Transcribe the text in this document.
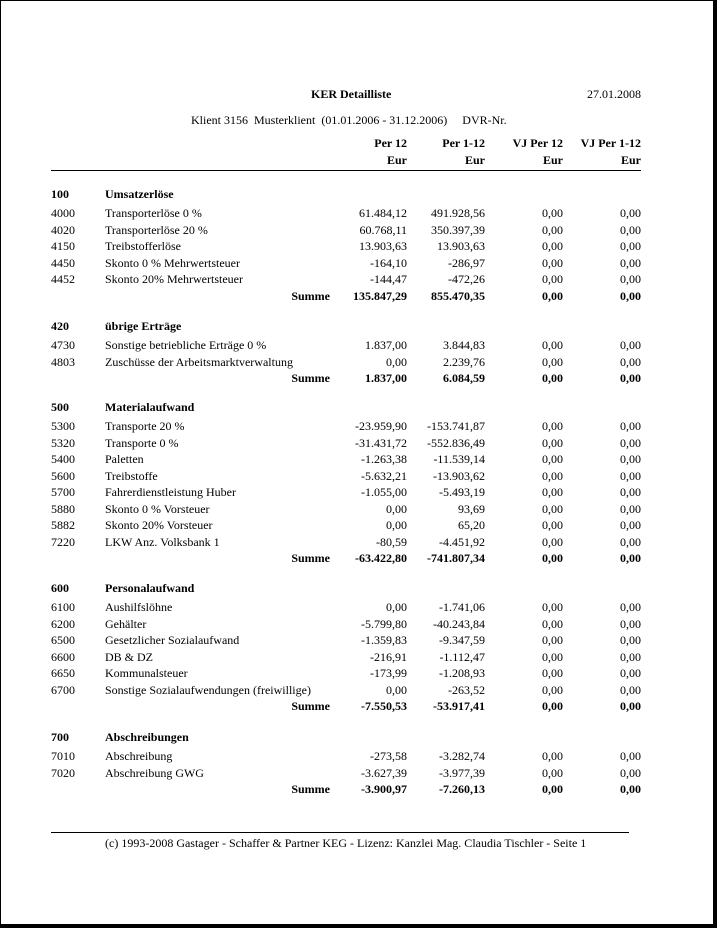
KER Detailliste	27.01.2008
Klient 3156  Musterklient  (01.01.2006 - 31.12.2006)     DVR-Nr.
Per 12	Per 1-12	VJ Per 12	VJ Per 1-12
Eur	Eur	Eur	Eur
100	Umsatzerlöse
4000	Transporterlöse 0 %	61.484,12	491.928,56	0,00	0,00
4020	Transporterlöse 20 %	60.768,11	350.397,39	0,00	0,00
4150	Treibstofferlöse	13.903,63	13.903,63	0,00	0,00
4450	Skonto 0 % Mehrwertsteuer	-164,10	-286,97	0,00	0,00
4452	Skonto 20% Mehrwertsteuer	-144,47	-472,26	0,00	0,00
Summe	135.847,29	855.470,35	0,00	0,00
420	übrige Erträge
4730	Sonstige betriebliche Erträge 0 %	1.837,00	3.844,83	0,00	0,00
4803	Zuschüsse der Arbeitsmarktverwaltung	0,00	2.239,76	0,00	0,00
Summe	1.837,00	6.084,59	0,00	0,00
500	Materialaufwand
5300	Transporte 20 %	-23.959,90	-153.741,87	0,00	0,00
5320	Transporte 0 %	-31.431,72	-552.836,49	0,00	0,00
5400	Paletten	-1.263,38	-11.539,14	0,00	0,00
5600	Treibstoffe	-5.632,21	-13.903,62	0,00	0,00
5700	Fahrerdienstleistung Huber	-1.055,00	-5.493,19	0,00	0,00
5880	Skonto 0 % Vorsteuer	0,00	93,69	0,00	0,00
5882	Skonto 20% Vorsteuer	0,00	65,20	0,00	0,00
7220	LKW Anz. Volksbank 1	-80,59	-4.451,92	0,00	0,00
Summe	-63.422,80	-741.807,34	0,00	0,00
600	Personalaufwand
6100	Aushilfslöhne	0,00	-1.741,06	0,00	0,00
6200	Gehälter	-5.799,80	-40.243,84	0,00	0,00
6500	Gesetzlicher Sozialaufwand	-1.359,83	-9.347,59	0,00	0,00
6600	DB & DZ	-216,91	-1.112,47	0,00	0,00
6650	Kommunalsteuer	-173,99	-1.208,93	0,00	0,00
6700	Sonstige Sozialaufwendungen (freiwillige)	0,00	-263,52	0,00	0,00
Summe	-7.550,53	-53.917,41	0,00	0,00
700	Abschreibungen
7010	Abschreibung	-273,58	-3.282,74	0,00	0,00
7020	Abschreibung GWG	-3.627,39	-3.977,39	0,00	0,00
Summe	-3.900,97	-7.260,13	0,00	0,00
(c) 1993-2008 Gastager - Schaffer & Partner KEG - Lizenz: Kanzlei Mag. Claudia Tischler - Seite 1
